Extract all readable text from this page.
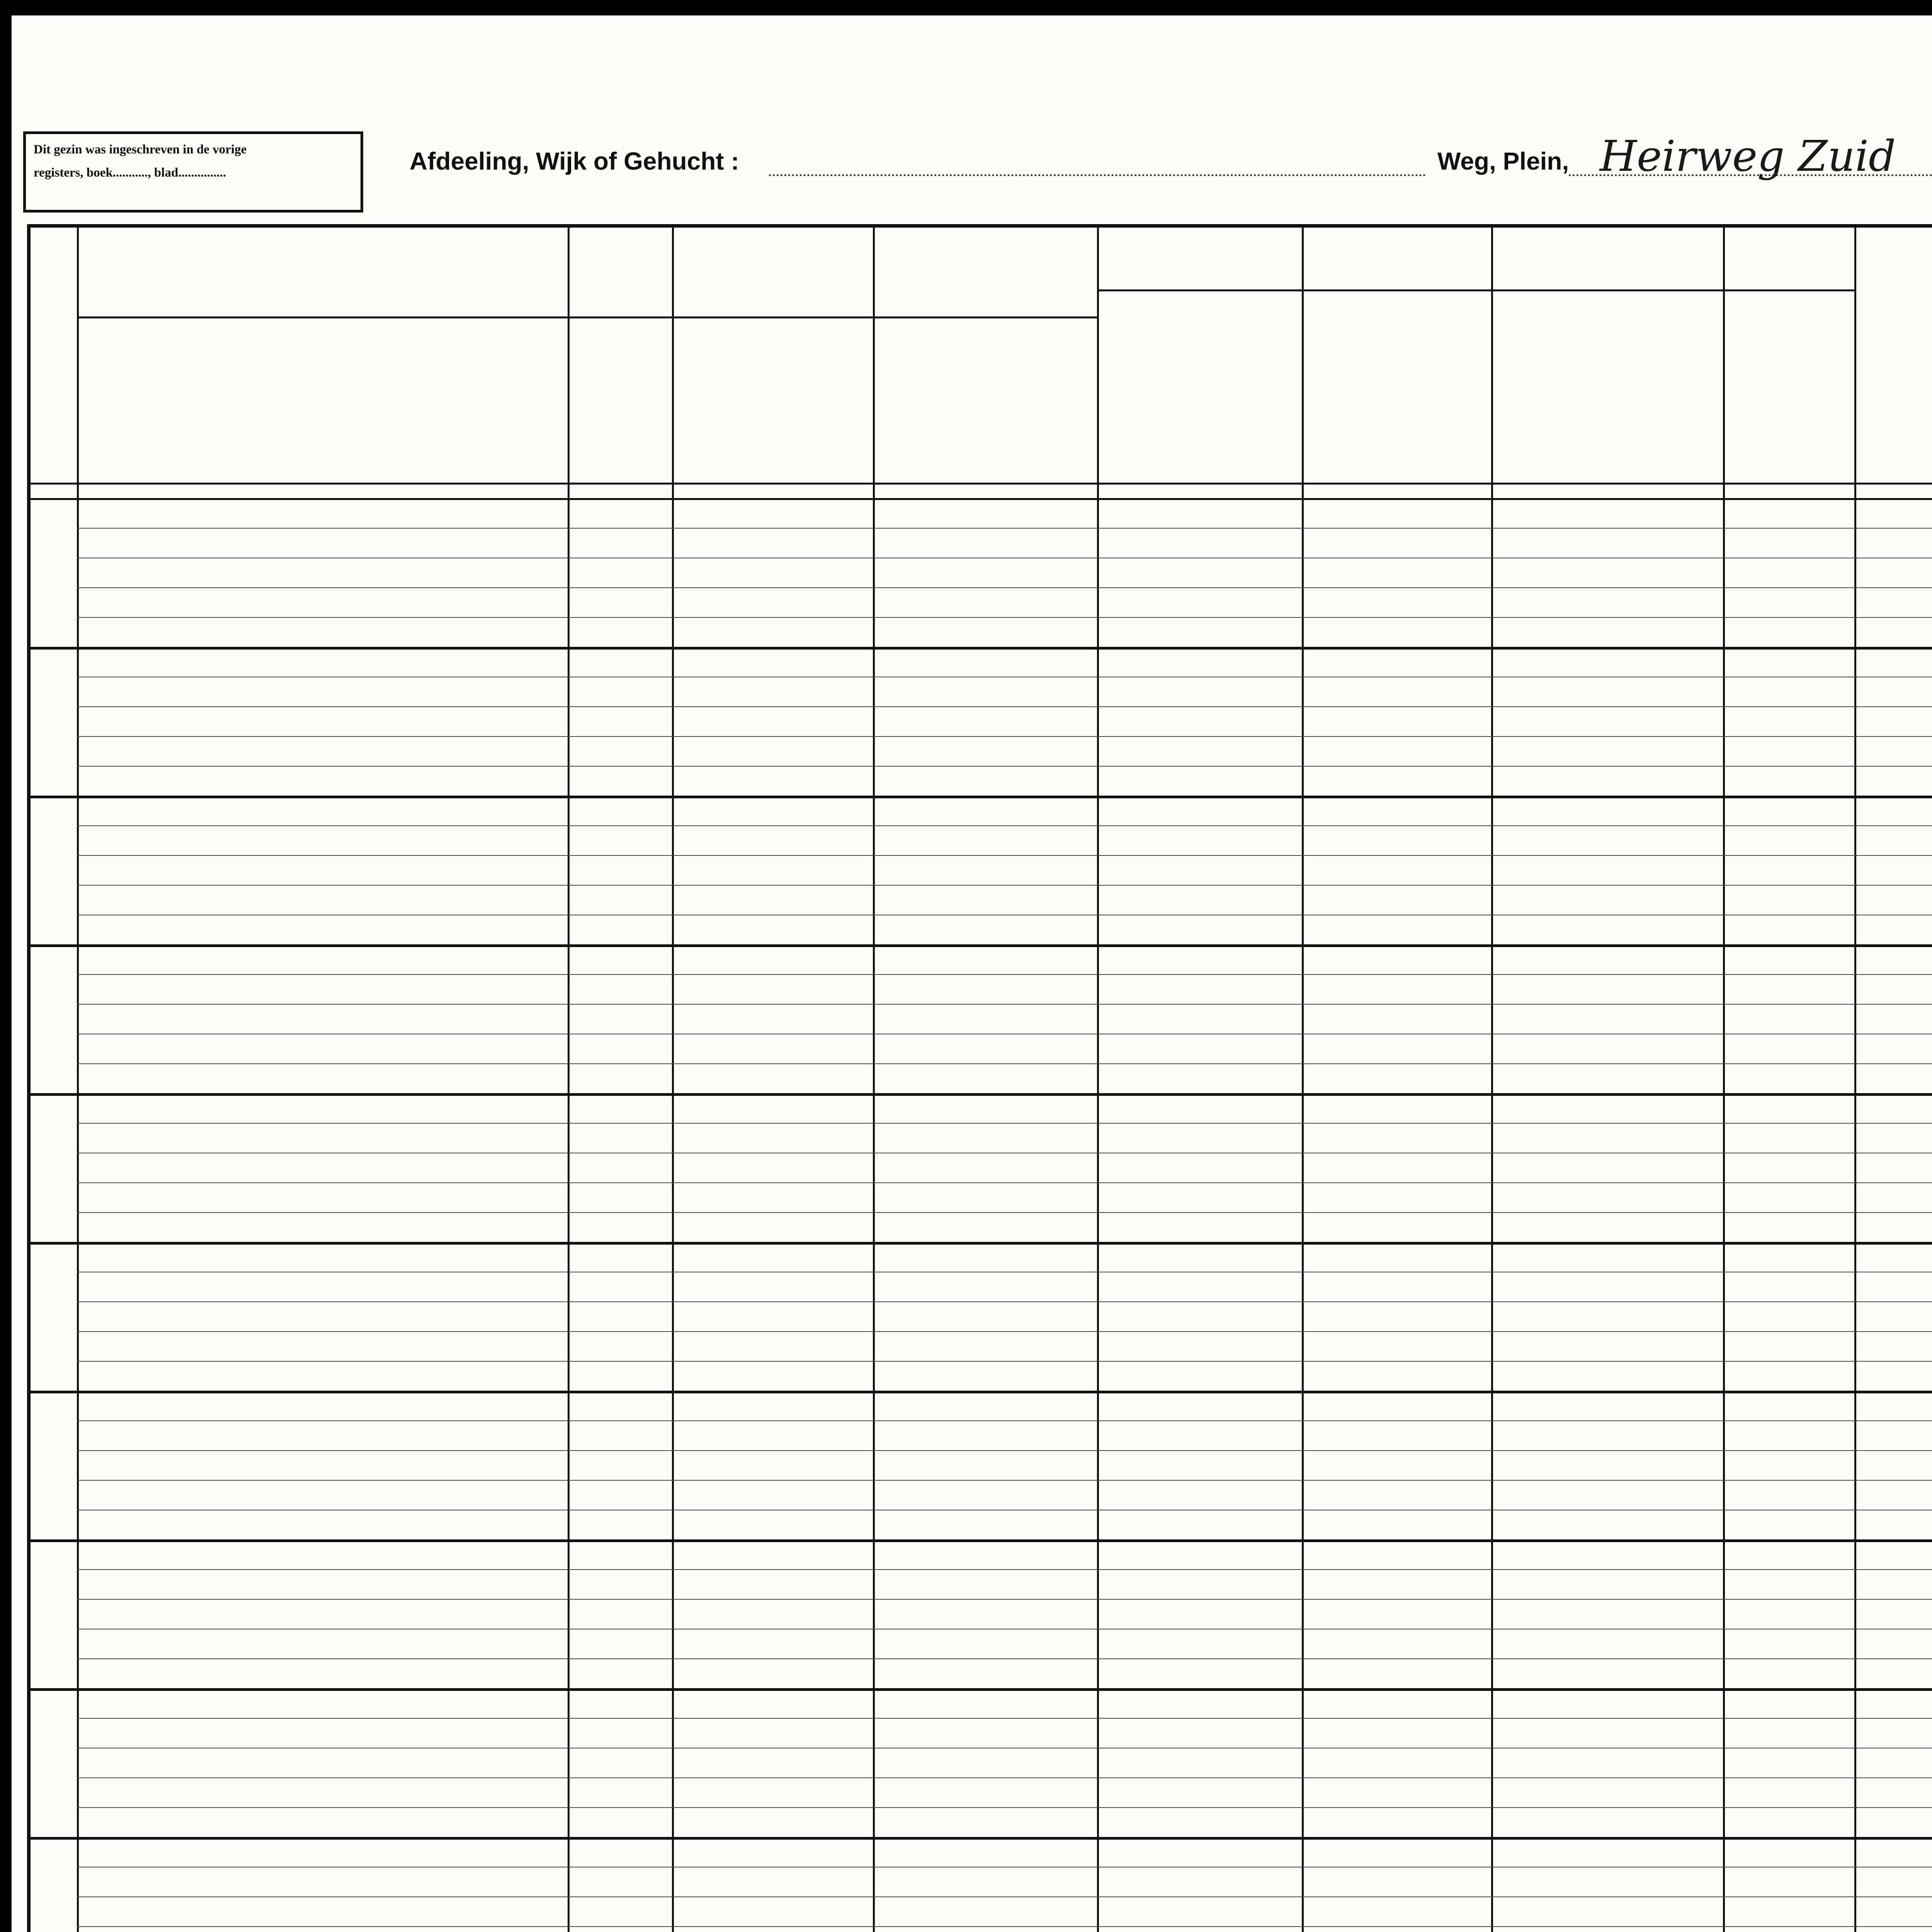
Dit gezin was ingeschreven in de vorige
registers, boek..........., blad...............	Afdeeling, Wijk of Gehucht :	Weg, Plein, Heirweg Zuid
